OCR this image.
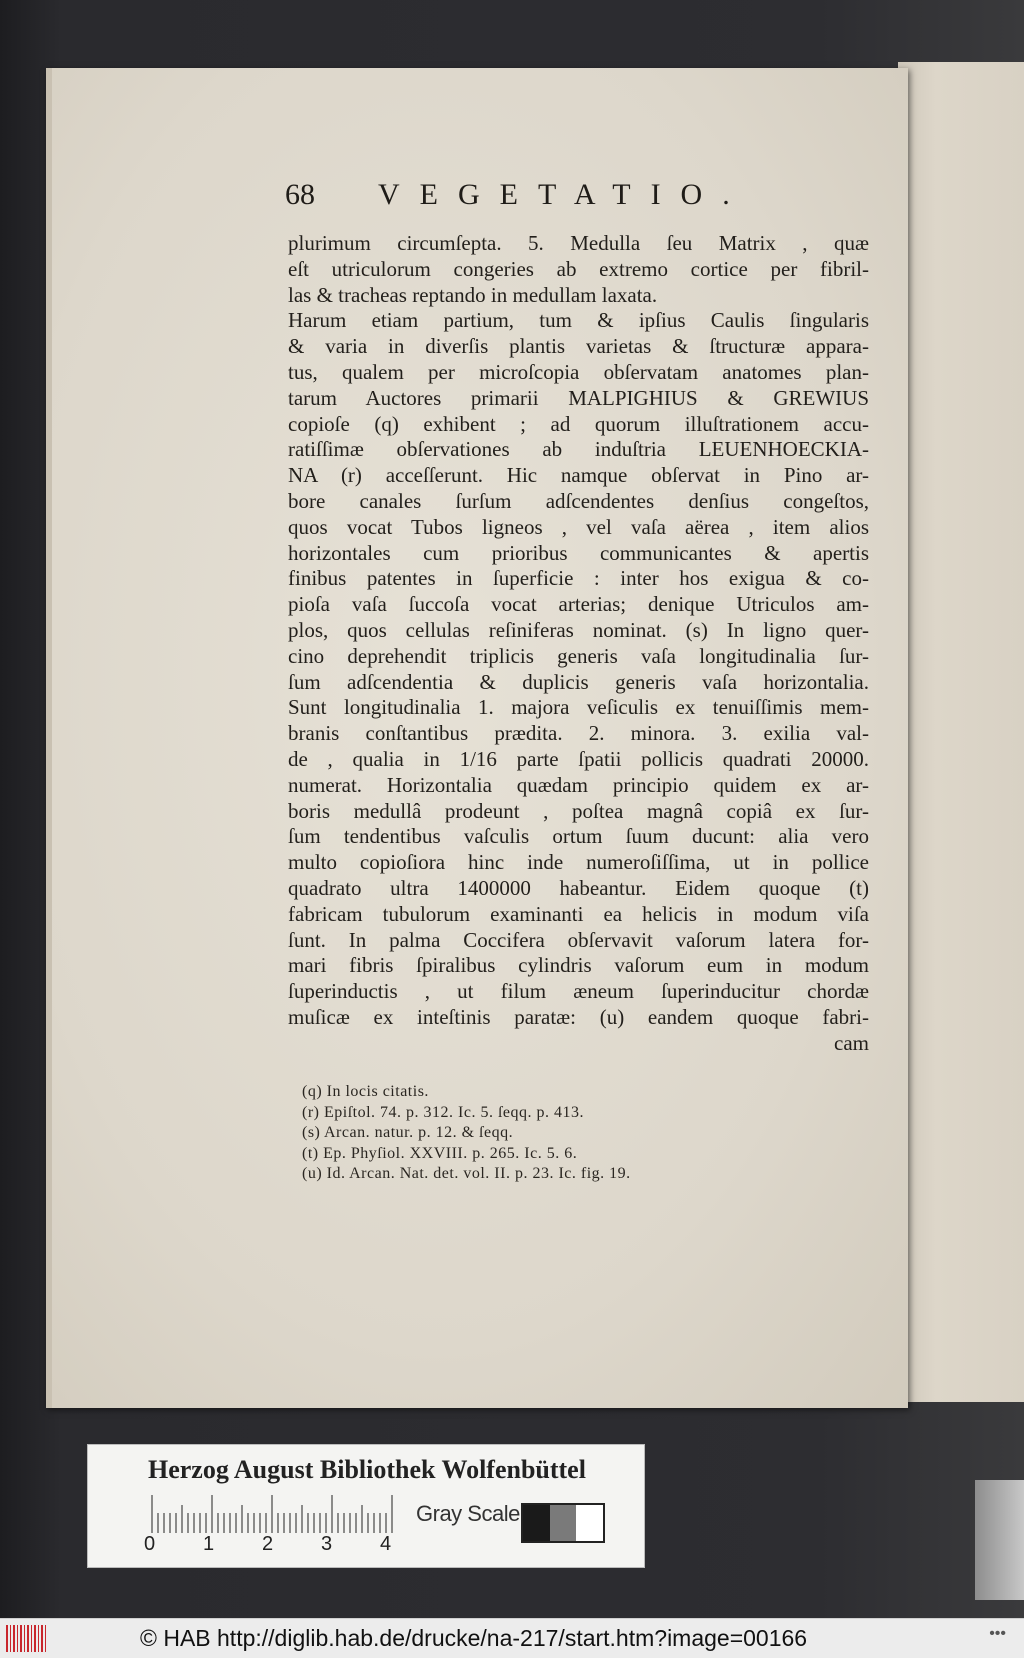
68 VEGETATIO.
plurimum circumſepta. 5. Medulla ſeu Matrix , quæ
eſt utriculorum congeries ab extremo cortice per fibril-
las & tracheas reptando in medullam laxata.
Harum etiam partium, tum & ipſius Caulis ſingularis
& varia in diverſis plantis varietas & ſtructuræ appara-
tus, qualem per microſcopia obſervatam anatomes plan-
tarum Auctores primarii MALPIGHIUS & GREWIUS
copioſe (q) exhibent ; ad quorum illuſtrationem accu-
ratiſſimæ obſervationes ab induſtria LEUENHOECKIA-
NA (r) acceſſerunt. Hic namque obſervat in Pino ar-
bore canales ſurſum adſcendentes denſius congeſtos,
quos vocat Tubos ligneos , vel vaſa aërea , item alios
horizontales cum prioribus communicantes & apertis
finibus patentes in ſuperficie : inter hos exigua & co-
pioſa vaſa ſuccoſa vocat arterias; denique Utriculos am-
plos, quos cellulas reſiniferas nominat. (s) In ligno quer-
cino deprehendit triplicis generis vaſa longitudinalia ſur-
ſum adſcendentia & duplicis generis vaſa horizontalia.
Sunt longitudinalia 1. majora veſiculis ex tenuiſſimis mem-
branis conſtantibus prædita. 2. minora. 3. exilia val-
de , qualia in 1/16 parte ſpatii pollicis quadrati 20000.
numerat. Horizontalia quædam principio quidem ex ar-
boris medullâ prodeunt , poſtea magnâ copiâ ex ſur-
ſum tendentibus vaſculis ortum ſuum ducunt: alia vero
multo copioſiora hinc inde numeroſiſſima, ut in pollice
quadrato ultra 1400000 habeantur. Eidem quoque (t)
fabricam tubulorum examinanti ea helicis in modum viſa
ſunt. In palma Coccifera obſervavit vaſorum latera for-
mari fibris ſpiralibus cylindris vaſorum eum in modum
ſuperinductis , ut filum æneum ſuperinducitur chordæ
muſicæ ex inteſtinis paratæ: (u) eandem quoque fabri-
cam
(q) In locis citatis.
(r) Epiſtol. 74. p. 312. Ic. 5. ſeqq. p. 413.
(s) Arcan. natur. p. 12. & ſeqq.
(t) Ep. Phyſiol. XXVIII. p. 265. Ic. 5. 6.
(u) Id. Arcan. Nat. det. vol. II. p. 23. Ic. fig. 19.
Herzog August Bibliothek Wolfenbüttel
0 1 2 3 4
Gray Scale
© HAB http://diglib.hab.de/drucke/na-217/start.htm?image=00166	•••
